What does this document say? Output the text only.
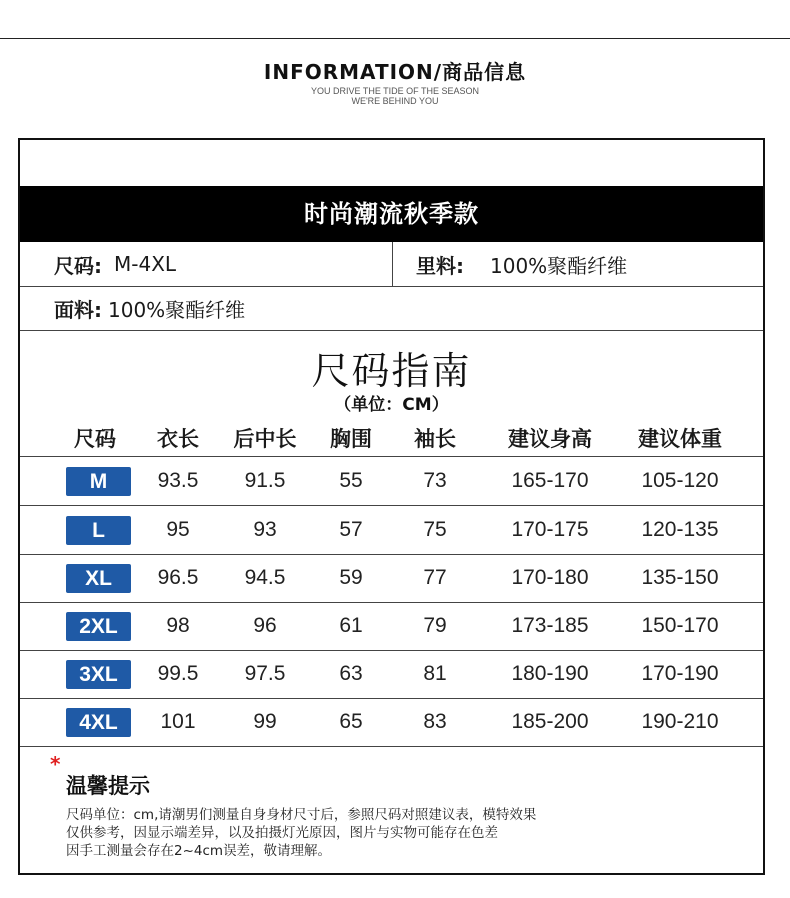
INFORMATION/商品信息
YOU DRIVE THE TIDE OF THE SEASON
WE'RE BEHIND YOU
时尚潮流秋季款
尺码: M-4XL	里料: 100%聚酯纤维
面料: 100%聚酯纤维
尺码指南
（单位：CM）
尺码	衣长	后中长	胸围	袖长	建议身高	建议体重
M	93.5	91.5	55	73	165-170	105-120
L	95	93	57	75	170-175	120-135
XL	96.5	94.5	59	77	170-180	135-150
2XL	98	96	61	79	173-185	150-170
3XL	99.5	97.5	63	81	180-190	170-190
4XL	101	99	65	83	185-200	190-210
*
温馨提示
尺码单位：cm,请潮男们测量自身身材尺寸后，参照尺码对照建议表，模特效果
仅供参考，因显示端差异，以及拍摄灯光原因，图片与实物可能存在色差
因手工测量会存在2~4cm误差，敬请理解。
